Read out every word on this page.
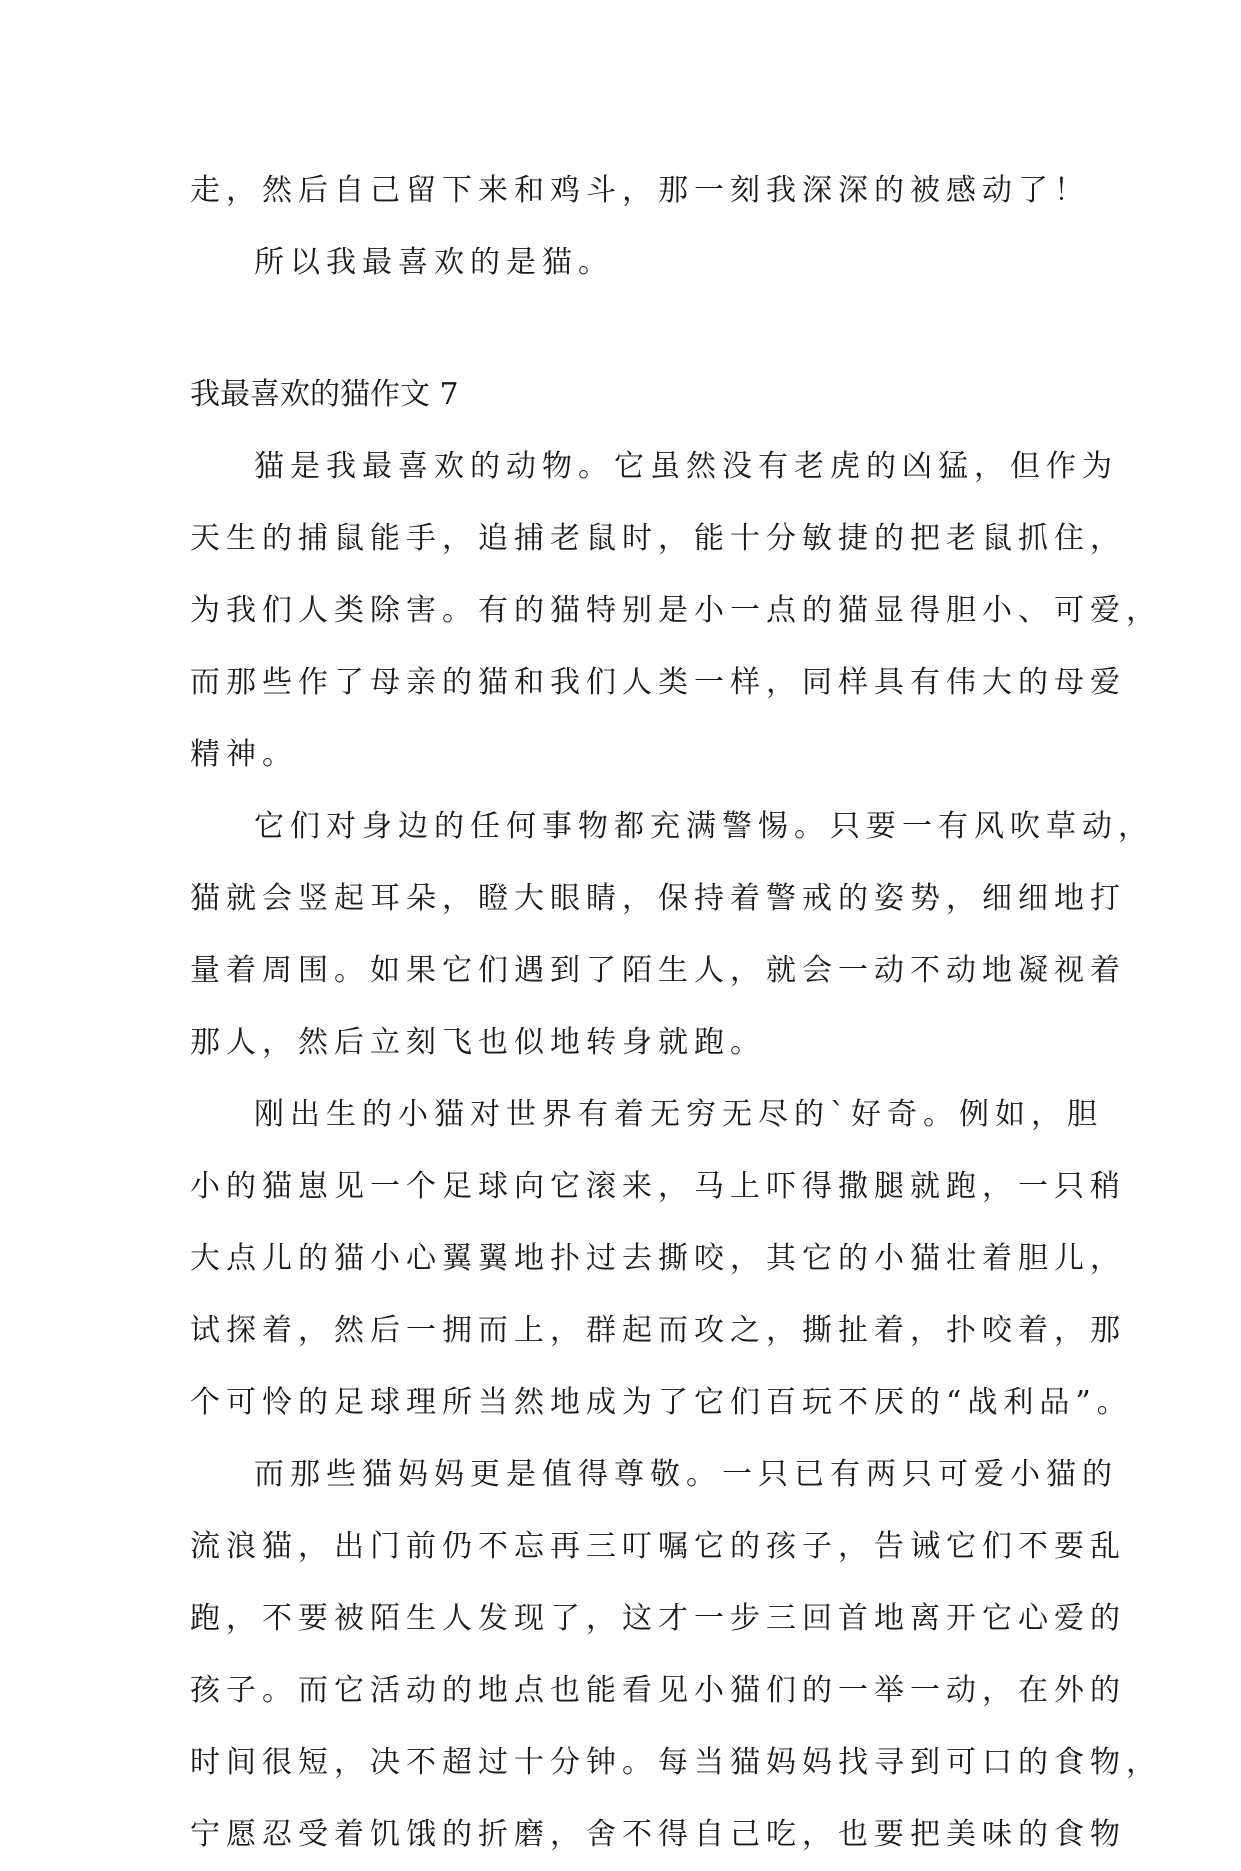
走，然后自己留下来和鸡斗，那一刻我深深的被感动了！
所以我最喜欢的是猫。
我最喜欢的猫作文 7
猫是我最喜欢的动物。它虽然没有老虎的凶猛，但作为
天生的捕鼠能手，追捕老鼠时，能十分敏捷的把老鼠抓住，
为我们人类除害。有的猫特别是小一点的猫显得胆小、可爱，
而那些作了母亲的猫和我们人类一样，同样具有伟大的母爱
精神。
它们对身边的任何事物都充满警惕。只要一有风吹草动，
猫就会竖起耳朵，瞪大眼睛，保持着警戒的姿势，细细地打
量着周围。如果它们遇到了陌生人，就会一动不动地凝视着
那人，然后立刻飞也似地转身就跑。
刚出生的小猫对世界有着无穷无尽的`好奇。例如，胆
小的猫崽见一个足球向它滚来，马上吓得撒腿就跑，一只稍
大点儿的猫小心翼翼地扑过去撕咬，其它的小猫壮着胆儿，
试探着，然后一拥而上，群起而攻之，撕扯着，扑咬着，那
个可怜的足球理所当然地成为了它们百玩不厌的“战利品”。
而那些猫妈妈更是值得尊敬。一只已有两只可爱小猫的
流浪猫，出门前仍不忘再三叮嘱它的孩子，告诫它们不要乱
跑，不要被陌生人发现了，这才一步三回首地离开它心爱的
孩子。而它活动的地点也能看见小猫们的一举一动，在外的
时间很短，决不超过十分钟。每当猫妈妈找寻到可口的食物，
宁愿忍受着饥饿的折磨，舍不得自己吃，也要把美味的食物
